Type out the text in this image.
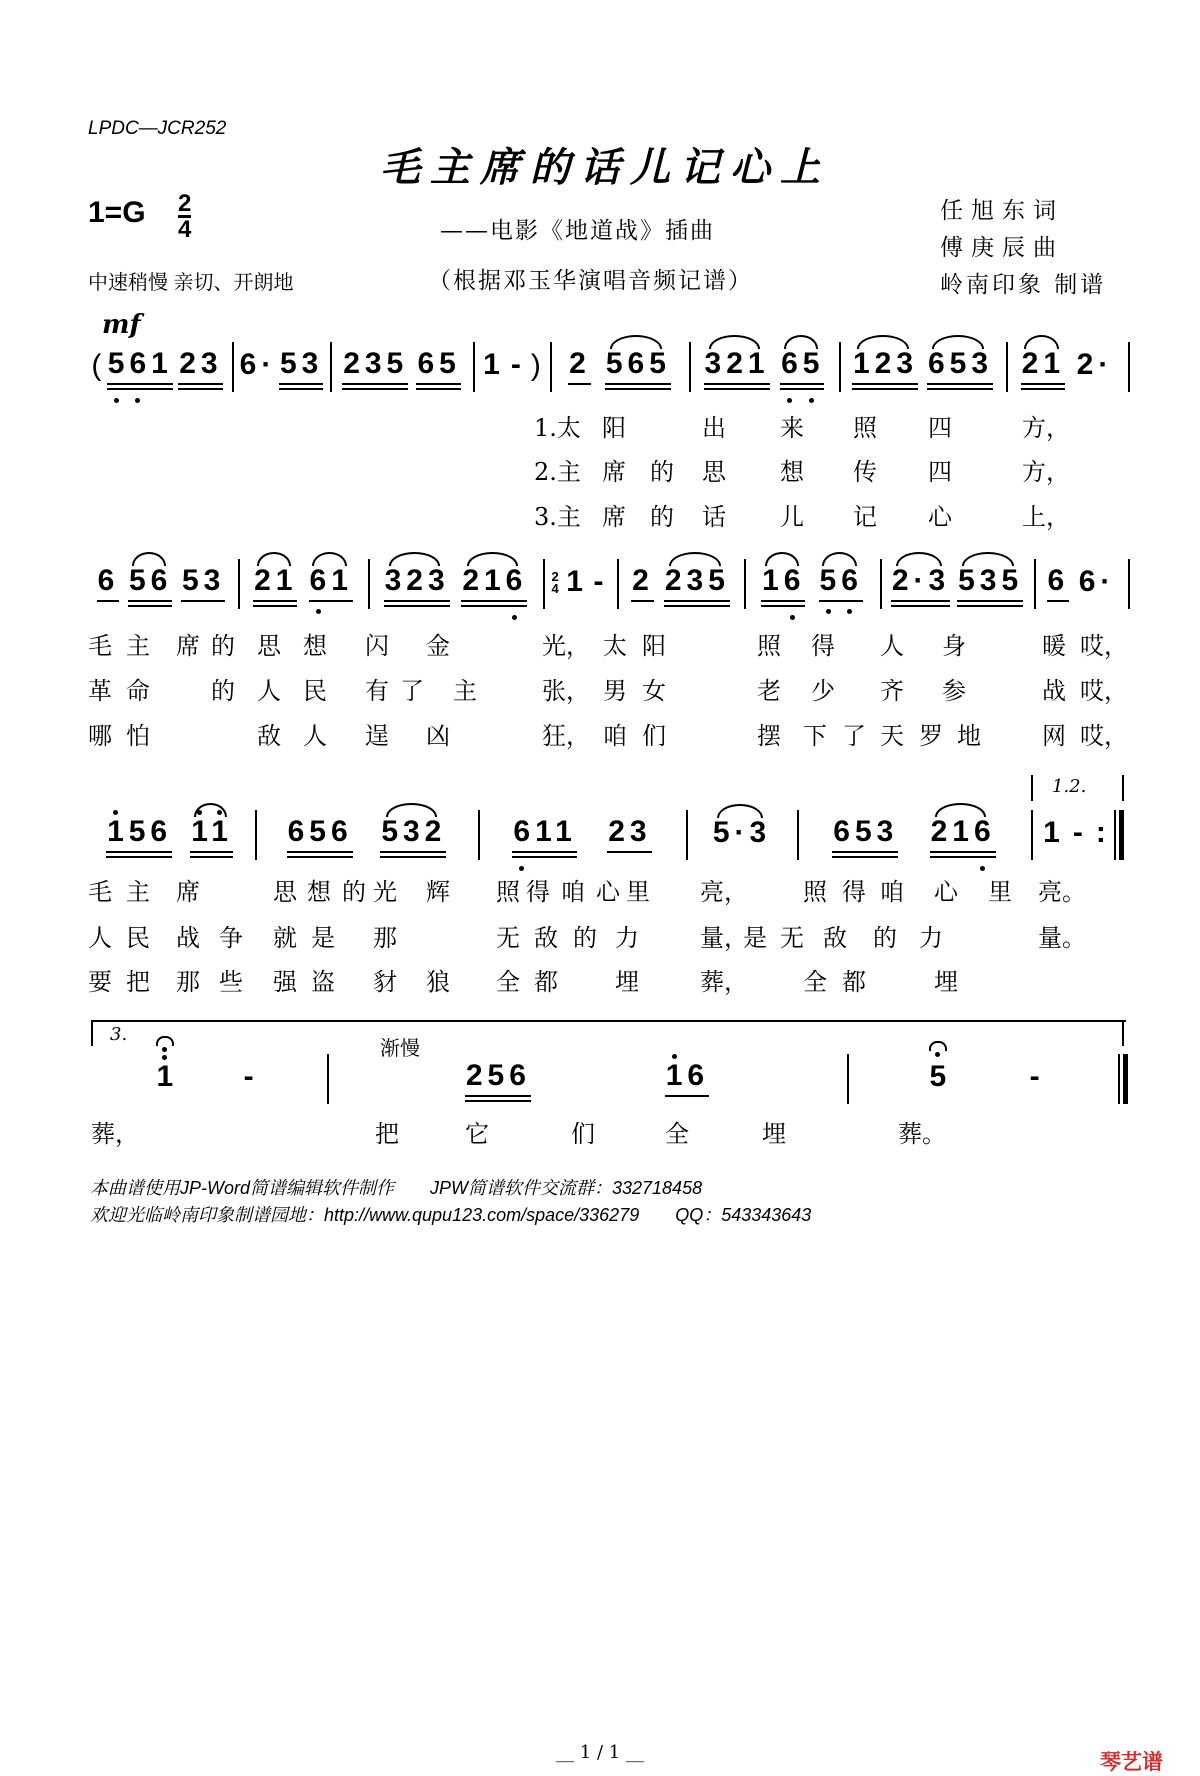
LPDC—JCR252
毛主席的话儿记心上
1=G 2
4	——电影《地道战》插曲
（根据邓玉华演唱音频记谱）
中速稍慢 亲切、开朗地
任旭东词
傅庚辰曲
岭南印象 制谱
mf
渐慢
( 561 23 6· 53 235 65 1 - ) 2 565 321 65 123 653 21 2·
6 56 53 21 61 323 216 2
4 1 - 2 235 16 56 2·3 535 6 6·
156 11 656 532 611 23 5·3 653 216 1 - :
1 -	256	16	5	-
1.2.
3.
1.太 阳	出 来 照 四	方，
2.主 席 的 思 想 传 四	方，
3.主 席 的 话 儿 记 心	上，
毛 主 席 的 思 想 闪 金	光， 太 阳	照 得 人 身	暖 哎，
革 命	的 人 民 有 了 主	张， 男 女	老 少 齐 参	战 哎，
哪 怕	敌 人 逞 凶	狂， 咱 们	摆 下 了 天 罗 地	网 哎，
毛 主 席	思 想 的 光 辉 照 得 咱 心 里 亮， 照 得 咱 心 里 亮。
人 民 战 争 就 是 那	无 敌 的 力	量，
是 无 敌 的 力	量。
要 把 那 些 强 盗 豺 狼 全 都 埋	葬， 全 都	埋
葬，	把	它	们	全	埋	葬。
本曲谱使用JP-Word简谱编辑软件制作　　JPW简谱软件交流群：332718458
欢迎光临岭南印象制谱园地：http://www.qupu123.com/space/336279　　QQ：543343643
__ 1 / 1 __	琴艺谱
